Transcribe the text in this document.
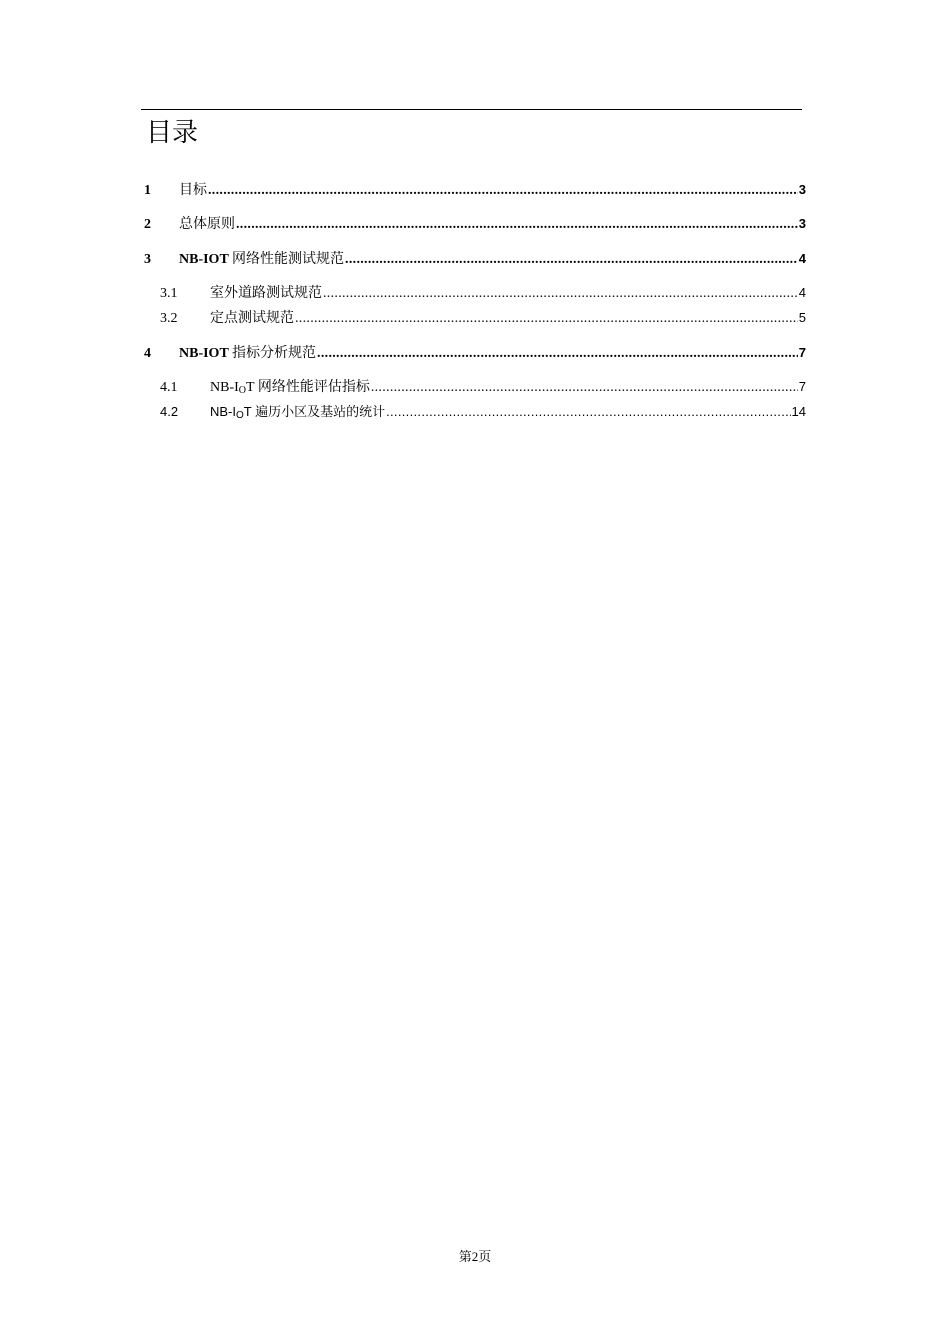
目录
1	目标 .....	3
2	总体原则 .....	3
3	NB-IOT 网络性能测试规范 .....	4
3.1	室外道路测试规范 .....	4
3.2	定点测试规范 .....	5
4	NB-IOT 指标分析规范 .....	7
4.1	$NB-I_OT$ 网络性能评估指标 .....	7
4.2	$NB-I_OT$ 遍历小区及基站的统计 .....	14
第2页
